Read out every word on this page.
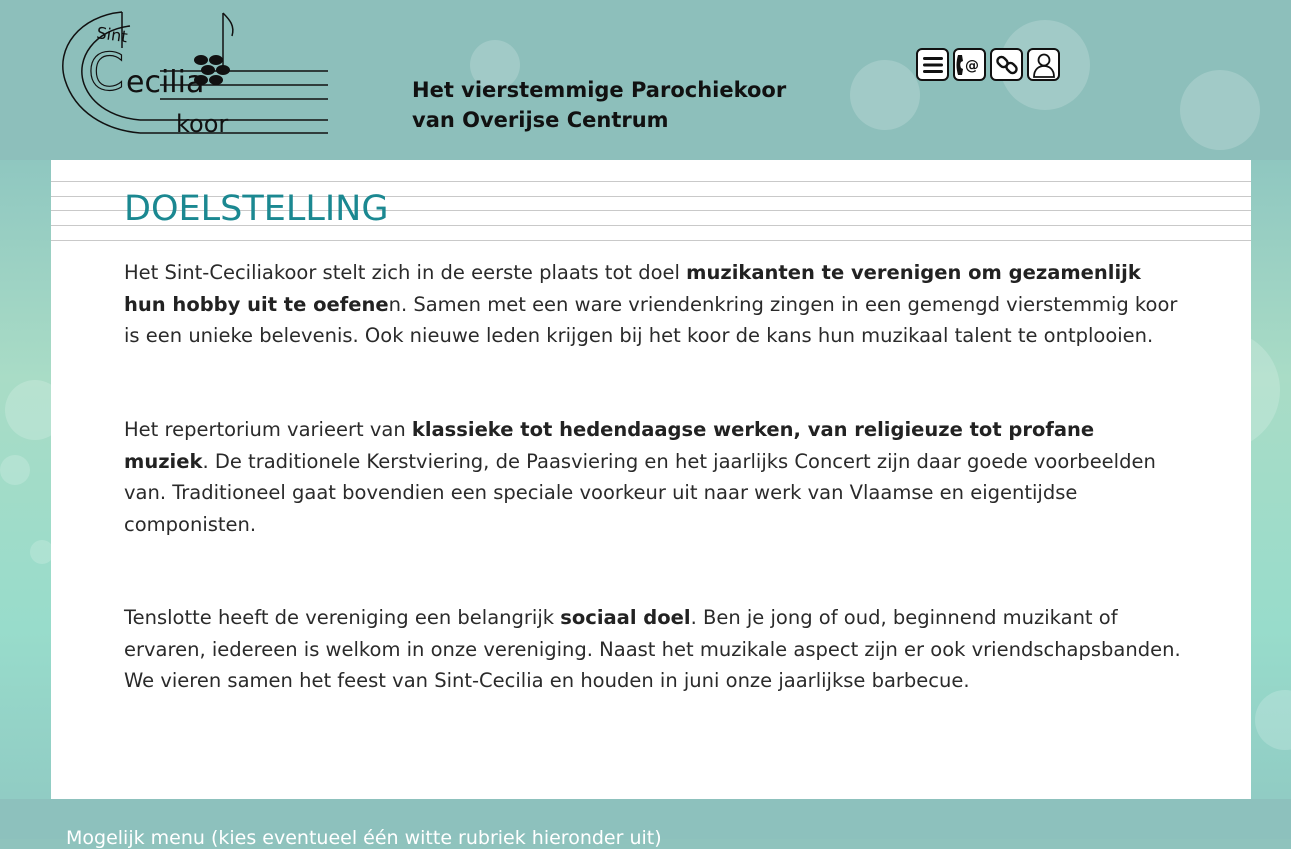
Sint
C ecilia
koor
Het vierstemmige Parochiekoor
van Overijse Centrum
@
DOELSTELLING

Het Sint-Ceciliakoor stelt zich in de eerste plaats tot doel muzikanten te verenigen om gezamenlijk hun hobby uit te oefenen. Samen met een ware vriendenkring zingen in een gemengd vierstemmig koor is een unieke belevenis. Ook nieuwe leden krijgen bij het koor de kans hun muzikaal talent te ontplooien.

Het repertorium varieert van klassieke tot hedendaagse werken, van religieuze tot profane muziek. De traditionele Kerstviering, de Paasviering en het jaarlijks Concert zijn daar goede voorbeelden van. Traditioneel gaat bovendien een speciale voorkeur uit naar werk van Vlaamse en eigentijdse componisten.

Tenslotte heeft de vereniging een belangrijk sociaal doel. Ben je jong of oud, beginnend muzikant of ervaren, iedereen is welkom in onze vereniging. Naast het muzikale aspect zijn er ook vriendschapsbanden. We vieren samen het feest van Sint-Cecilia en houden in juni onze jaarlijkse barbecue.

Mogelijk menu (kies eventueel één witte rubriek hieronder uit)
